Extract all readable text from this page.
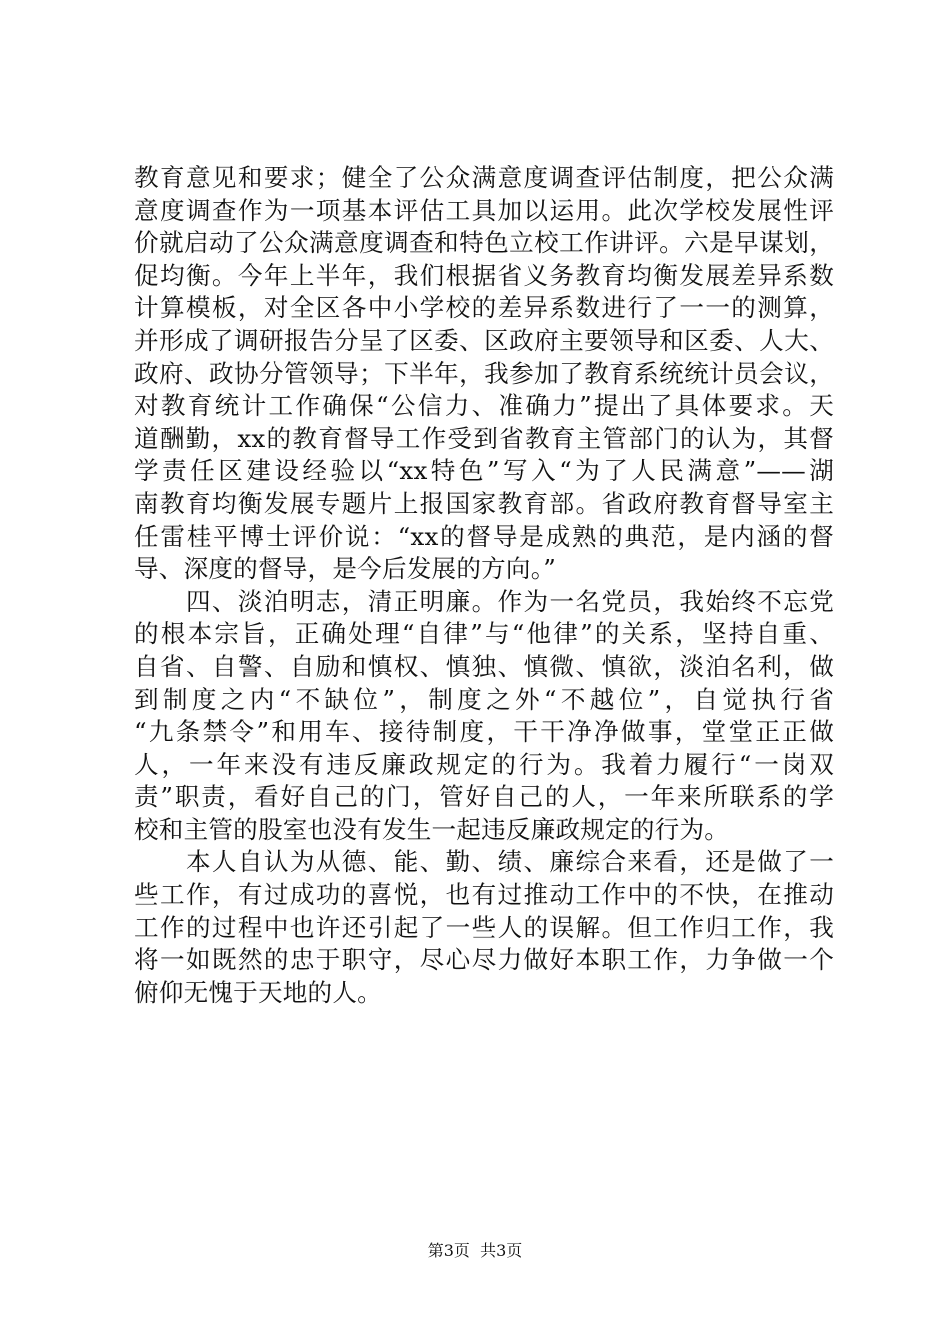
教育意见和要求；健全了公众满意度调查评估制度，把公众满
意度调查作为一项基本评估工具加以运用。此次学校发展性评
价就启动了公众满意度调查和特色立校工作讲评。六是早谋划，
促均衡。今年上半年，我们根据省义务教育均衡发展差异系数
计算模板，对全区各中小学校的差异系数进行了一一的测算，
并形成了调研报告分呈了区委、区政府主要领导和区委、人大、
政府、政协分管领导；下半年，我参加了教育系统统计员会议，
对教育统计工作确保“公信力、准确力”提出了具体要求。天
道酬勤，xx的教育督导工作受到省教育主管部门的认为，其督
学责任区建设经验以“xx特色”写入“为了人民满意”——湖
南教育均衡发展专题片上报国家教育部。省政府教育督导室主
任雷桂平博士评价说：“xx的督导是成熟的典范，是内涵的督
导、深度的督导，是今后发展的方向。”
　　四、淡泊明志，清正明廉。作为一名党员，我始终不忘党
的根本宗旨，正确处理“自律”与“他律”的关系，坚持自重、
自省、自警、自励和慎权、慎独、慎微、慎欲，淡泊名利，做
到制度之内“不缺位”，制度之外“不越位”，自觉执行省
“九条禁令”和用车、接待制度，干干净净做事，堂堂正正做
人，一年来没有违反廉政规定的行为。我着力履行“一岗双
责”职责，看好自己的门，管好自己的人，一年来所联系的学
校和主管的股室也没有发生一起违反廉政规定的行为。
　　本人自认为从德、能、勤、绩、廉综合来看，还是做了一
些工作，有过成功的喜悦，也有过推动工作中的不快，在推动
工作的过程中也许还引起了一些人的误解。但工作归工作，我
将一如既然的忠于职守，尽心尽力做好本职工作，力争做一个
俯仰无愧于天地的人。
第3页  共3页
